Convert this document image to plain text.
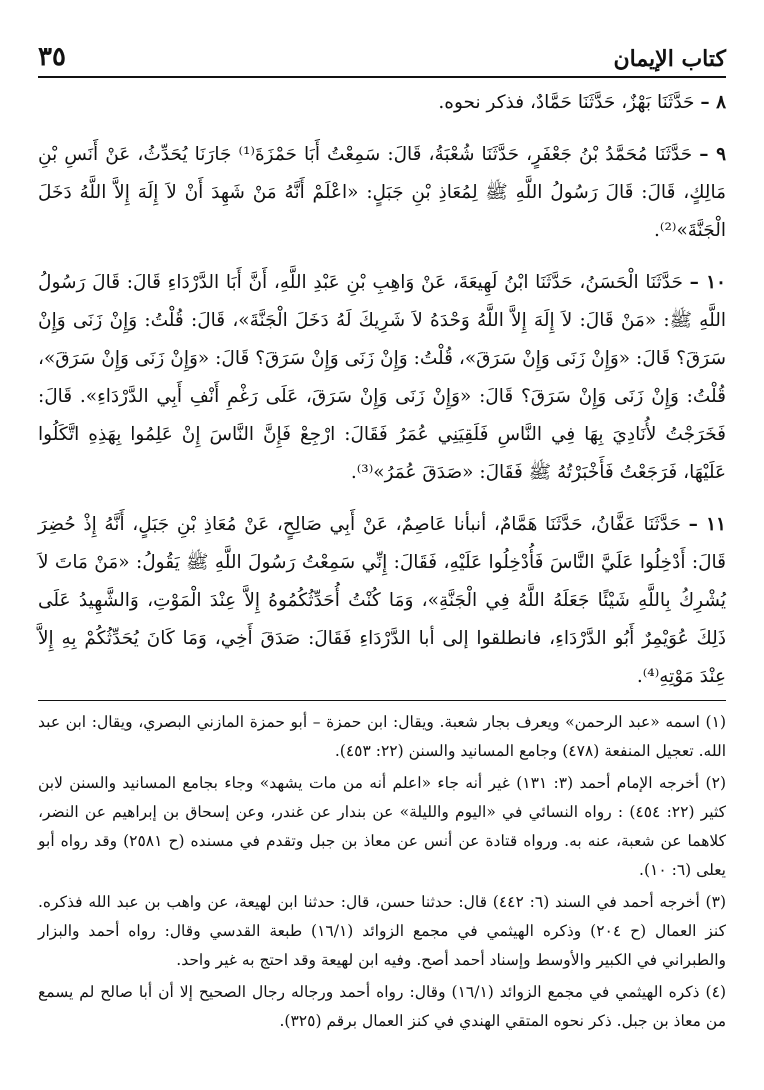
كتاب الإيمان
٣٥

٨ – حَدَّثَنَا بَهْزٌ، حَدَّثَنَا حَمَّادٌ، فذكر نحوه.

٩ – حَدَّثَنَا مُحَمَّدُ بْنُ جَعْفَرٍ، حَدَّثَنَا شُعْبَةُ، قَالَ: سَمِعْتُ أَبَا حَمْزَةَ⁽¹⁾ جَارَنَا يُحَدِّثُ، عَنْ أَنَسِ بْنِ مَالِكٍ، قَالَ: قَالَ رَسُولُ اللَّهِ ﷺ لِمُعَاذِ بْنِ جَبَلٍ: «اعْلَمْ أَنَّهُ مَنْ شَهِدَ أَنْ لاَ إِلَهَ إِلاَّ اللَّهُ دَخَلَ الْجَنَّةَ»⁽²⁾.

١٠ – حَدَّثَنَا الْحَسَنُ، حَدَّثَنَا ابْنُ لَهِيعَةَ، عَنْ وَاهِبِ بْنِ عَبْدِ اللَّهِ، أَنَّ أَبَا الدَّرْدَاءِ قَالَ: قَالَ رَسُولُ اللَّهِ ﷺ: «مَنْ قَالَ: لاَ إِلَهَ إِلاَّ اللَّهُ وَحْدَهُ لاَ شَرِيكَ لَهُ دَخَلَ الْجَنَّةَ»، قَالَ: قُلْتُ: وَإِنْ زَنَى وَإِنْ سَرَقَ؟ قَالَ: «وَإِنْ زَنَى وَإِنْ سَرَقَ»، قُلْتُ: وَإِنْ زَنَى وَإِنْ سَرَقَ؟ قَالَ: «وَإِنْ زَنَى وَإِنْ سَرَقَ»، قُلْتُ: وَإِنْ زَنَى وَإِنْ سَرَقَ؟ قَالَ: «وَإِنْ زَنَى وَإِنْ سَرَقَ، عَلَى رَغْمِ أَنْفِ أَبِي الدَّرْدَاءِ». قَالَ: فَخَرَجْتُ لأُنَادِيَ بِهَا فِي النَّاسِ فَلَقِيَنِي عُمَرُ فَقَالَ: ارْجِعْ فَإِنَّ النَّاسَ إِنْ عَلِمُوا بِهَذِهِ اتَّكَلُوا عَلَيْهَا، فَرَجَعْتُ فَأَخْبَرْتُهُ ﷺ فَقَالَ: «صَدَقَ عُمَرُ»⁽³⁾.

١١ – حَدَّثَنَا عَفَّانُ، حَدَّثَنَا هَمَّامٌ، أنبأنا عَاصِمٌ، عَنْ أَبِي صَالِحٍ، عَنْ مُعَاذِ بْنِ جَبَلٍ، أَنَّهُ إِذْ حُضِرَ قَالَ: أَدْخِلُوا عَلَيَّ النَّاسَ فَأُدْخِلُوا عَلَيْهِ، فَقَالَ: إِنِّي سَمِعْتُ رَسُولَ اللَّهِ ﷺ يَقُولُ: «مَنْ مَاتَ لاَ يُشْرِكُ بِاللَّهِ شَيْئًا جَعَلَهُ اللَّهُ فِي الْجَنَّةِ»، وَمَا كُنْتُ أُحَدِّثُكُمُوهُ إِلاَّ عِنْدَ الْمَوْتِ، وَالشَّهِيدُ عَلَى ذَلِكَ عُوَيْمِرٌ أَبُو الدَّرْدَاءِ، فانطلقوا إلى أبا الدَّرْدَاءِ فَقَالَ: صَدَقَ أَخِي، وَمَا كَانَ يُحَدِّثُكُمْ بِهِ إِلاَّ عِنْدَ مَوْتِهِ⁽⁴⁾.

(١) اسمه «عبد الرحمن» ويعرف بجار شعبة. ويقال: ابن حمزة – أبو حمزة المازني البصري، ويقال: ابن عبد الله. تعجيل المنفعة (٤٧٨) وجامع المسانيد والسنن (٢٢: ٤٥٣).

(٢) أخرجه الإمام أحمد (٣: ١٣١) غير أنه جاء «اعلم أنه من مات يشهد» وجاء بجامع المسانيد والسنن لابن كثير (٢٢: ٤٥٤) : رواه النسائي في «اليوم والليلة» عن بندار عن غندر، وعن إسحاق بن إبراهيم عن النضر، كلاهما عن شعبة، عنه به. ورواه قتادة عن أنس عن معاذ بن جبل وتقدم في مسنده (ح ٢٥٨١) وقد رواه أبو يعلى (٦: ١٠).

(٣) أخرجه أحمد في السند (٦: ٤٤٢) قال: حدثنا حسن، قال: حدثنا ابن لهيعة، عن واهب بن عبد الله فذكره. كنز العمال (ح ٢٠٤) وذكره الهيثمي في مجمع الزوائد (١٦/١) طبعة القدسي وقال: رواه أحمد والبزار والطبراني في الكبير والأوسط وإسناد أحمد أصح. وفيه ابن لهيعة وقد احتج به غير واحد.

(٤) ذكره الهيثمي في مجمع الزوائد (١٦/١) وقال: رواه أحمد ورجاله رجال الصحيح إلا أن أبا صالح لم يسمع من معاذ بن جبل. ذكر نحوه المتقي الهندي في كنز العمال برقم (٣٢٥).
